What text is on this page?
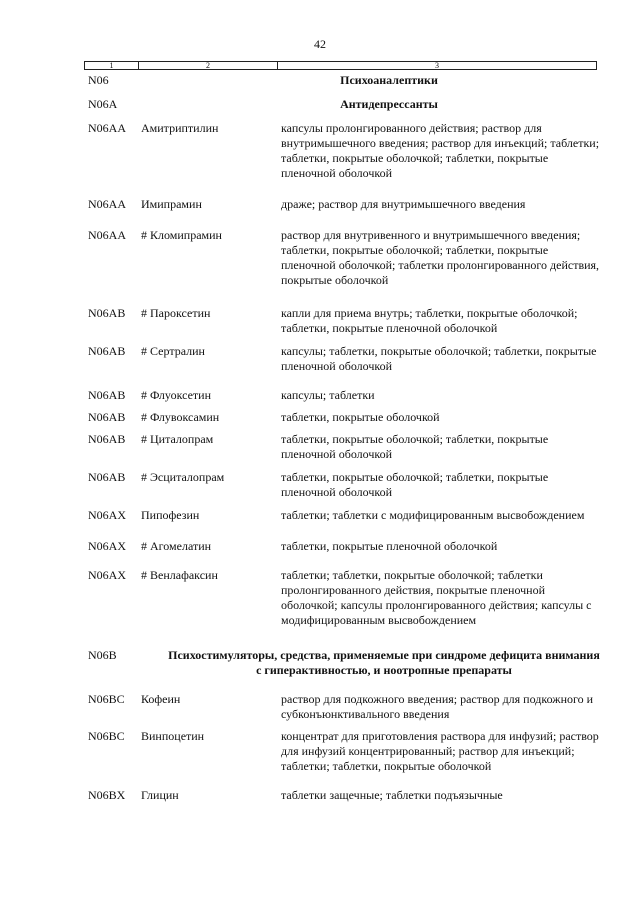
42
1	2	3
N06	Психоаналептики
N06A	Антидепрессанты
N06AA	Амитриптилин	капсулы пролонгированного действия; раствор для внутримышечного введения; раствор для инъекций; таблетки; таблетки, покрытые оболочкой; таблетки, покрытые пленочной оболочкой
N06AA	Имипрамин	драже; раствор для внутримышечного введения
N06AA	# Кломипрамин	раствор для внутривенного и внутримышечного введения; таблетки, покрытые оболочкой; таблетки, покрытые пленочной оболочкой; таблетки пролонгированного действия, покрытые оболочкой
N06AB	# Пароксетин	капли для приема внутрь; таблетки, покрытые оболочкой; таблетки, покрытые пленочной оболочкой
N06AB	# Сертралин	капсулы; таблетки, покрытые оболочкой; таблетки, покрытые пленочной оболочкой
N06AB	# Флуоксетин	капсулы; таблетки
N06AB	# Флувоксамин	таблетки, покрытые оболочкой
N06AB	# Циталопрам	таблетки, покрытые оболочкой; таблетки, покрытые пленочной оболочкой
N06AB	# Эсциталопрам	таблетки, покрытые оболочкой; таблетки, покрытые пленочной оболочкой
N06AX	Пипофезин	таблетки; таблетки с модифицированным высвобождением
N06AX	# Агомелатин	таблетки, покрытые пленочной оболочкой
N06AX	# Венлафаксин	таблетки; таблетки, покрытые оболочкой; таблетки пролонгированного действия, покрытые пленочной оболочкой; капсулы пролонгированного действия; капсулы с модифицированным высвобождением
N06B	Психостимуляторы, средства, применяемые при синдроме дефицита внимания с гиперактивностью, и ноотропные препараты
N06BC	Кофеин	раствор для подкожного введения; раствор для подкожного и субконъюнктивального введения
N06BC	Винпоцетин	концентрат для приготовления раствора для инфузий; раствор для инфузий концентрированный; раствор для инъекций; таблетки; таблетки, покрытые оболочкой
N06BX	Глицин	таблетки защечные; таблетки подъязычные
